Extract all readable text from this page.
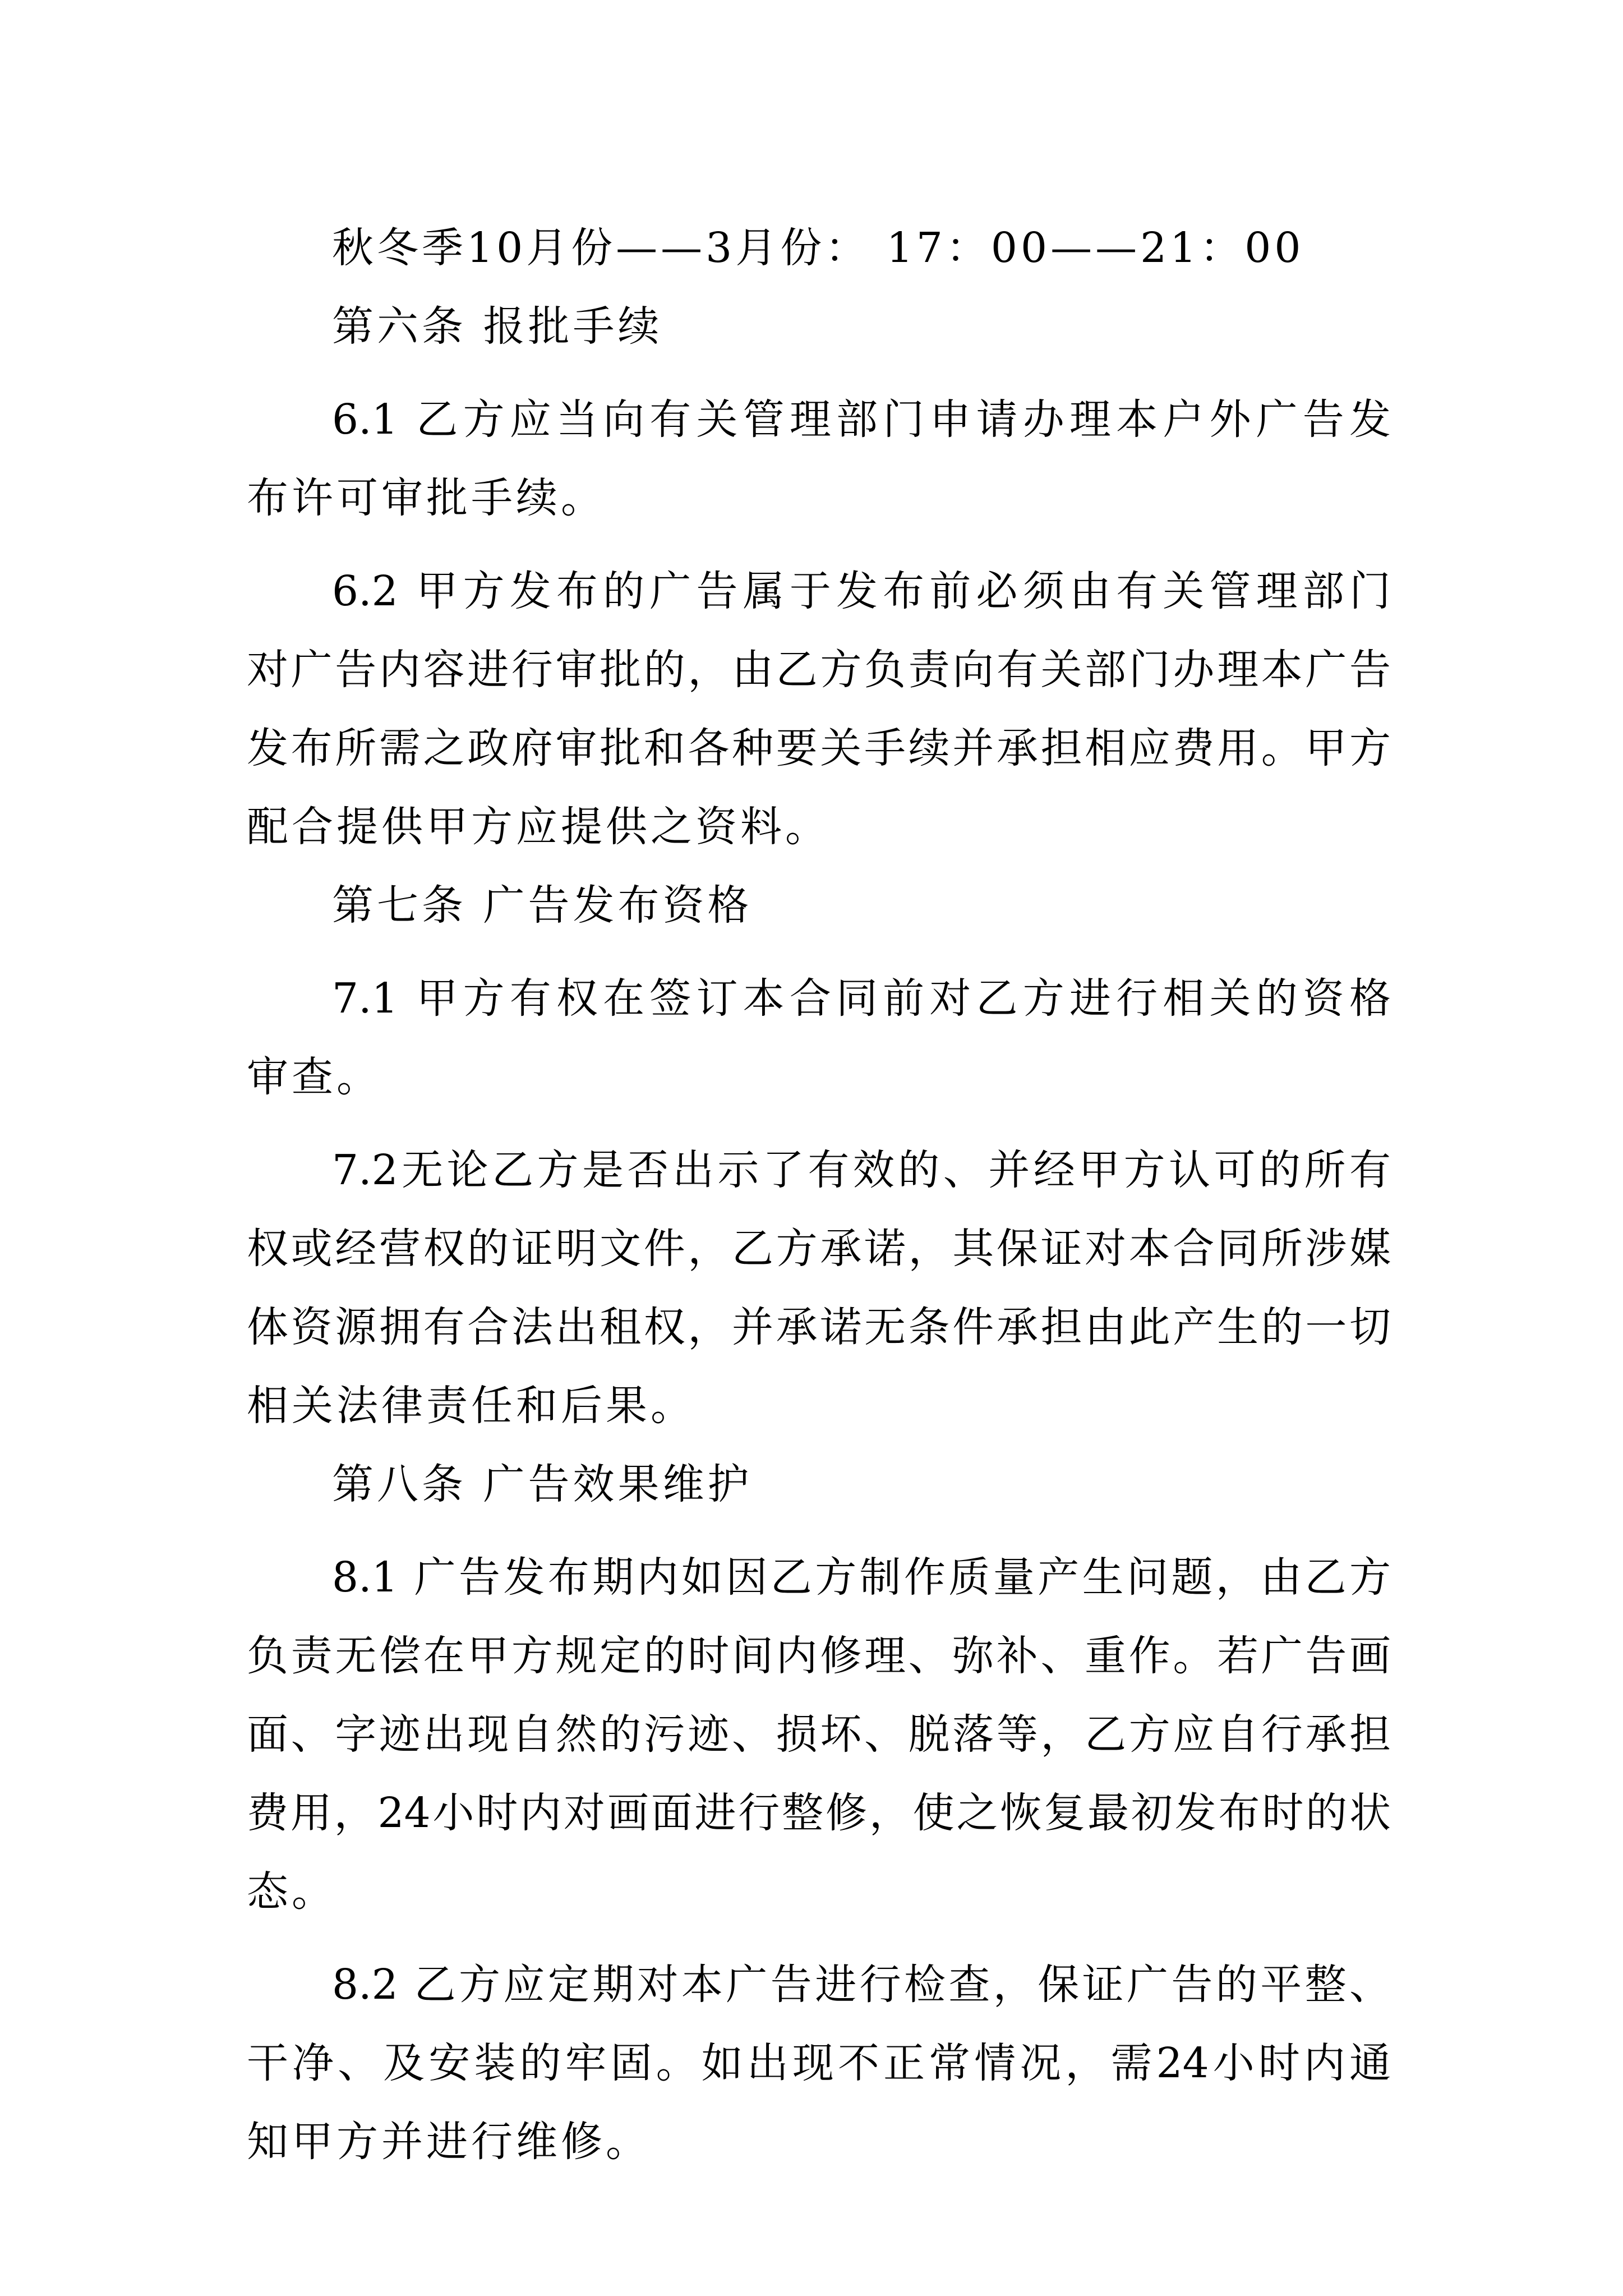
秋冬季10月份——3月份： 17：00——21：00
第六条 报批手续
6.1 乙方应当向有关管理部门申请办理本户外广告发
布许可审批手续。
6.2 甲方发布的广告属于发布前必须由有关管理部门
对广告内容进行审批的，由乙方负责向有关部门办理本广告
发布所需之政府审批和各种要关手续并承担相应费用。甲方
配合提供甲方应提供之资料。
第七条 广告发布资格
7.1 甲方有权在签订本合同前对乙方进行相关的资格
审查。
7.2无论乙方是否出示了有效的、并经甲方认可的所有
权或经营权的证明文件，乙方承诺，其保证对本合同所涉媒
体资源拥有合法出租权，并承诺无条件承担由此产生的一切
相关法律责任和后果。
第八条 广告效果维护
8.1 广告发布期内如因乙方制作质量产生问题，由乙方
负责无偿在甲方规定的时间内修理、弥补、重作。若广告画
面、字迹出现自然的污迹、损坏、脱落等，乙方应自行承担
费用，24小时内对画面进行整修，使之恢复最初发布时的状
态。
8.2 乙方应定期对本广告进行检查，保证广告的平整、
干净、及安装的牢固。如出现不正常情况，需24小时内通
知甲方并进行维修。
